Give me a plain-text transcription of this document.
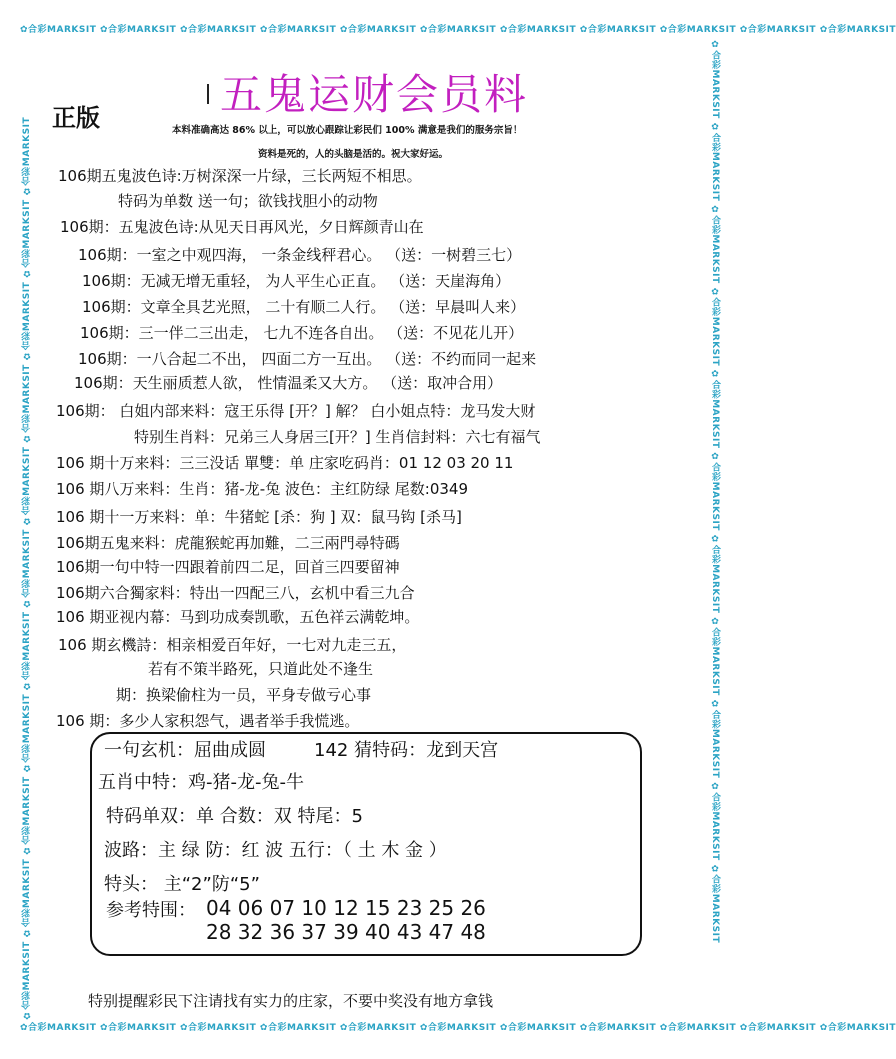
✿合彩MARKSIT ✿合彩MARKSIT ✿合彩MARKSIT ✿合彩MARKSIT ✿合彩MARKSIT ✿合彩MARKSIT ✿合彩MARKSIT ✿合彩MARKSIT ✿合彩MARKSIT ✿合彩MARKSIT ✿合彩MARKSIT
✿合彩MARKSIT ✿合彩MARKSIT ✿合彩MARKSIT ✿合彩MARKSIT ✿合彩MARKSIT ✿合彩MARKSIT ✿合彩MARKSIT ✿合彩MARKSIT ✿合彩MARKSIT ✿合彩MARKSIT ✿合彩MARKSIT
✿合彩MARKSIT ✿合彩MARKSIT ✿合彩MARKSIT ✿合彩MARKSIT ✿合彩MARKSIT ✿合彩MARKSIT ✿合彩MARKSIT ✿合彩MARKSIT ✿合彩MARKSIT ✿合彩MARKSIT ✿合彩MARKSIT	✿合彩MARKSIT ✿合彩MARKSIT ✿合彩MARKSIT ✿合彩MARKSIT ✿合彩MARKSIT ✿合彩MARKSIT ✿合彩MARKSIT ✿合彩MARKSIT ✿合彩MARKSIT ✿合彩MARKSIT ✿合彩MARKSIT
五鬼运财会员料
正版	本料准确高达 86% 以上，可以放心跟踪让彩民们 100% 满意是我们的服务宗旨！
资料是死的，人的头脑是活的。祝大家好运。
106期五鬼波色诗:万树深深一片绿，三长两短不相思。
特码为单数 送一句；欲钱找胆小的动物
106期：五鬼波色诗:从见天日再风光，夕日辉颜青山在
106期：一室之中观四海， 一条金线秤君心。 （送：一树碧三七）
106期：无减无增无重轻， 为人平生心正直。 （送：天崖海角）
106期：文章全具艺光照， 二十有顺二人行。 （送：早晨叫人来）
106期：三一伴二三出走， 七九不连各自出。 （送：不见花儿开）
106期：一八合起二不出， 四面二方一互出。 （送：不约而同一起来
106期：天生丽质惹人欲， 性情温柔又大方。 （送：取冲合用）
106期： 白姐内部来料：寇王乐得 [开？] 解？ 白小姐点特：龙马发大财
特别生肖料：兄弟三人身居三[开？] 生肖信封料：六七有福气
106 期十万来料：三三没话 單雙：单 庄家吃码肖：01 12 03 20 11
106 期八万来料：生肖：猪-龙-兔 波色：主红防绿 尾数:0349
106 期十一万来料：单：牛猪蛇 [杀：狗 ] 双：鼠马钩 [杀马]
106期五鬼来料：虎龍猴蛇再加難，二三兩門尋特碼
106期一句中特一四跟着前四二足，回首三四要留神
106期六合獨家料：特出一四配三八，玄机中看三九合
106 期亚视内幕：马到功成奏凯歌，五色祥云满乾坤。
106 期玄機詩：相亲相爱百年好，一七对九走三五，
若有不策半路死，只道此处不逢生
期：换梁偷柱为一员，平身专做亏心事
106 期：多少人家积怨气，遇者举手我慌逃。
一句玄机：屈曲成圆	142 猜特码：龙到天宫
五肖中特：鸡-猪-龙-兔-牛
特码单双：单 合数：双 特尾：5
波路：主 绿 防：红 波 五行：（ 土 木 金 ）
特头： 主“2”防“5”
参考特围： 04 06 07 10 12 15 23 25 26
28 32 36 37 39 40 43 47 48
特别提醒彩民下注请找有实力的庄家，不要中奖没有地方拿钱
